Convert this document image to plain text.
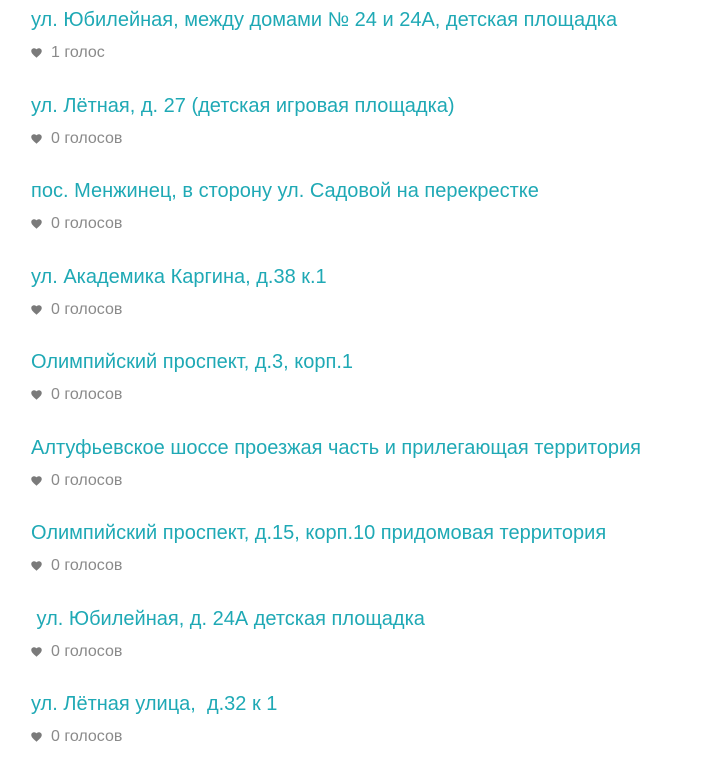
ул. Юбилейная, между домами № 24 и 24А, детская площадка
1 голос
ул. Лётная, д. 27 (детская игровая площадка)
0 голосов
пос. Менжинец, в сторону ул. Садовой на перекрестке
0 голосов
ул. Академика Каргина, д.38 к.1
0 голосов
Олимпийский проспект, д.3, корп.1
0 голосов
Алтуфьевское шоссе проезжая часть и прилегающая территория
0 голосов
Олимпийский проспект, д.15, корп.10 придомовая территория
0 голосов
ул. Юбилейная, д. 24А детская площадка
0 голосов
ул. Лётная улица,  д.32 к 1
0 голосов
